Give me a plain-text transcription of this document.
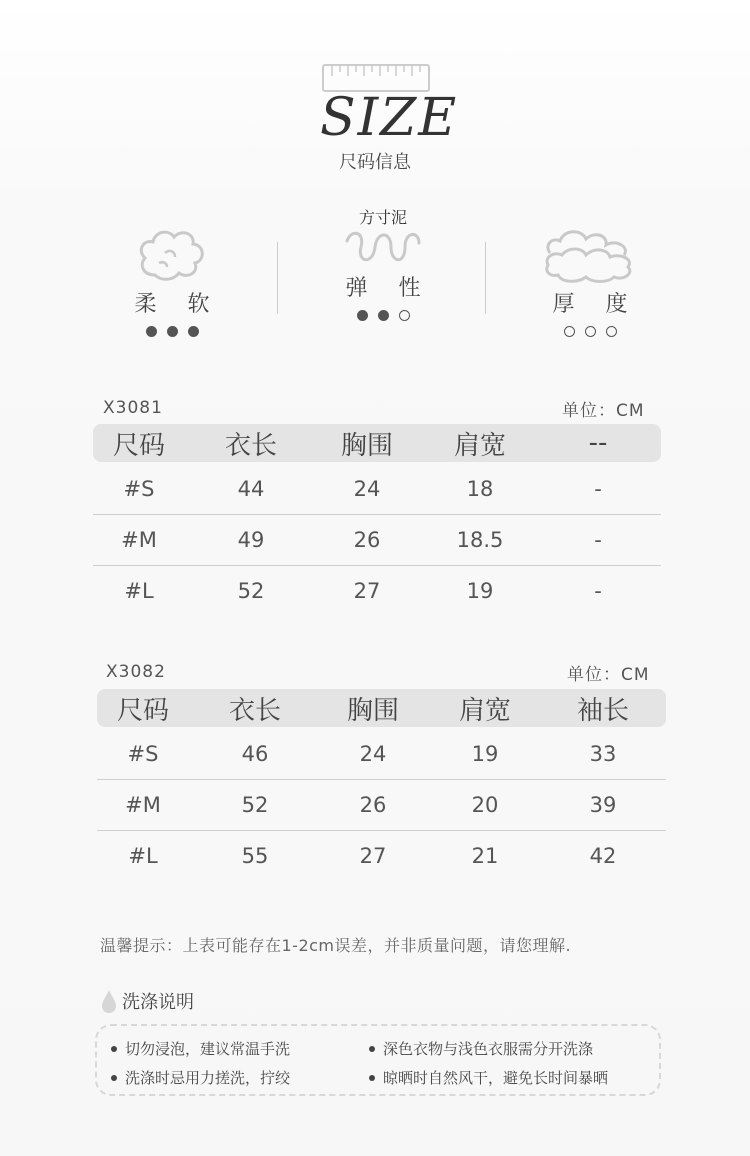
SIZE
尺码信息
柔 软
方寸泥
弹 性
厚 度
X3081	单位：CM
尺码	衣长	胸围	肩宽	--
#S	44	24	18	-
#M	49	26	18.5	-
#L	52	27	19	-
X3082	单位：CM
尺码	衣长	胸围	肩宽	袖长
#S	46	24	19	33
#M	52	26	20	39
#L	55	27	21	42
温馨提示：上表可能存在1-2cm误差，并非质量问题，请您理解.
洗涤说明
切勿浸泡，建议常温手洗	深色衣物与浅色衣服需分开洗涤
洗涤时忌用力搓洗，拧绞	晾晒时自然风干，避免长时间暴晒
